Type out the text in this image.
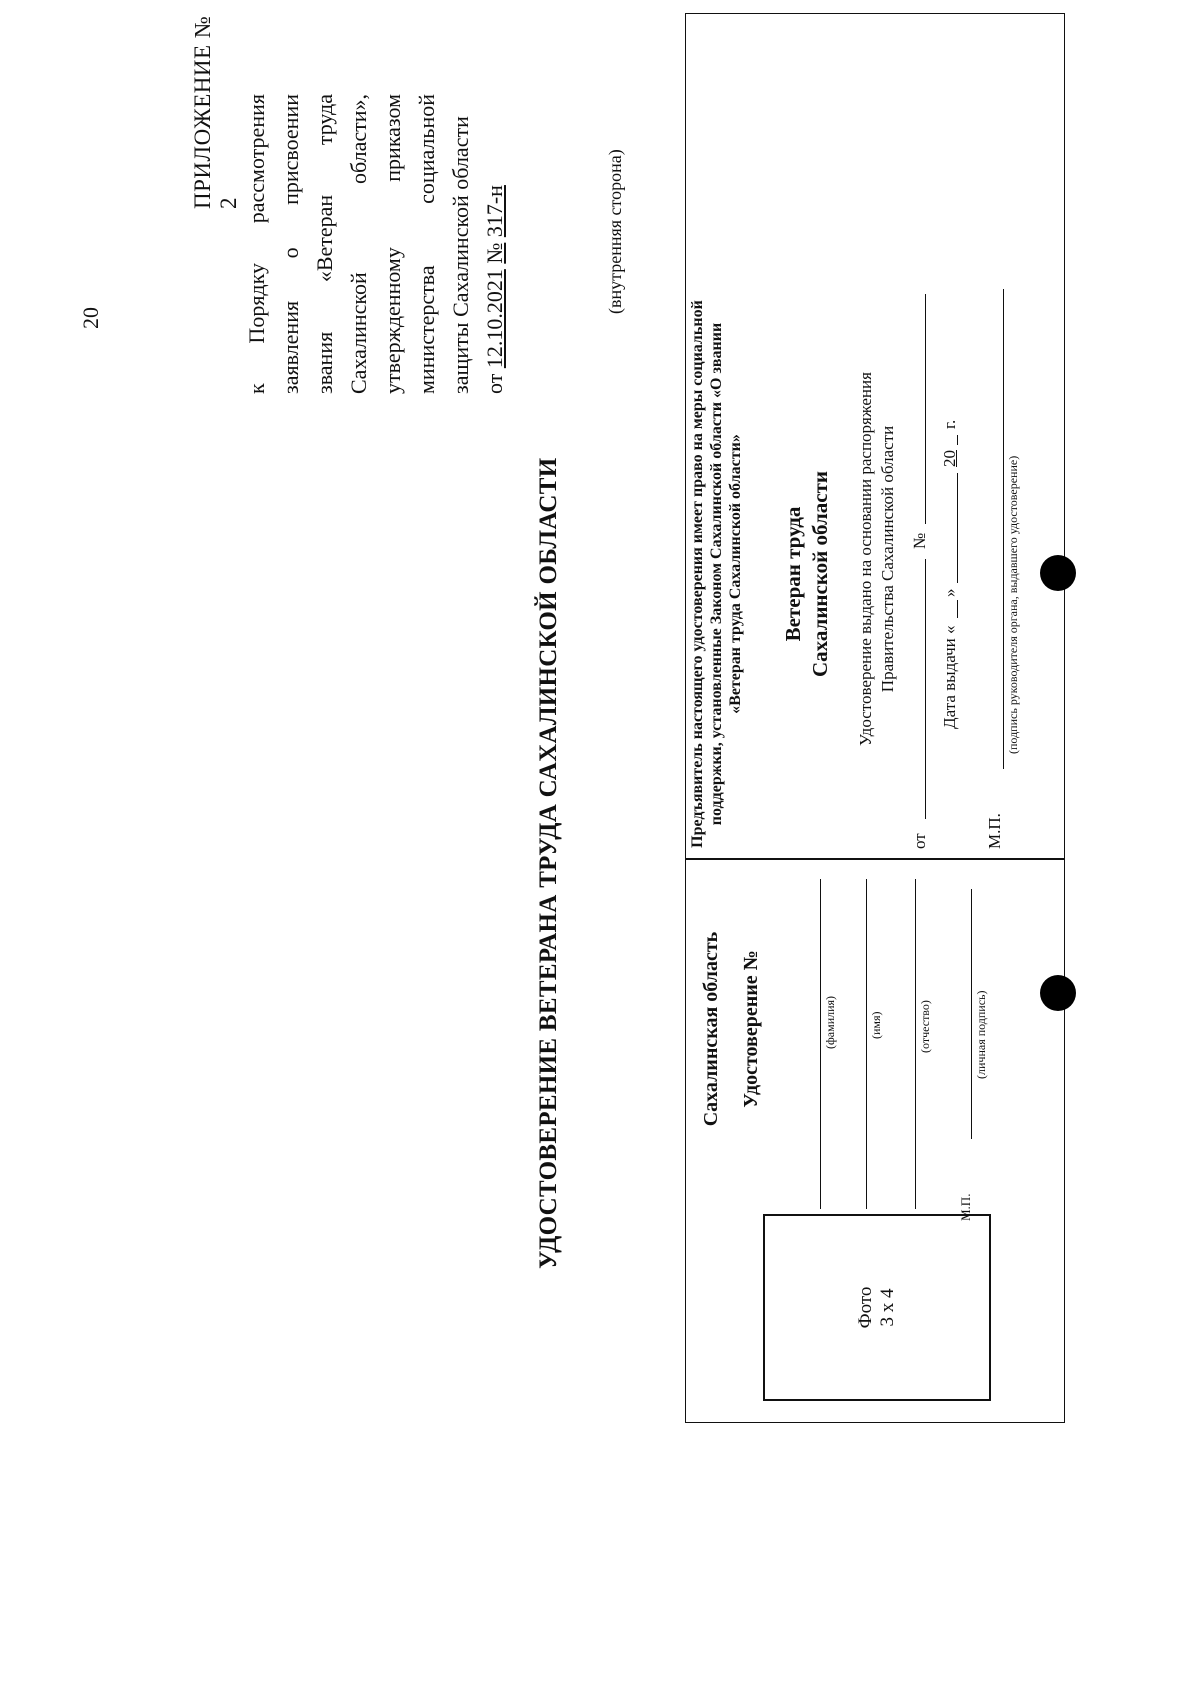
20
ПРИЛОЖЕНИЕ № 2 к Порядку рассмотрения заявления о присвоении звания «Ветеран труда Сахалинской области», утвержденному приказом министерства социальной защиты Сахалинской области от 12.10.2021 № 317-н
УДОСТОВЕРЕНИЕ ВЕТЕРАНА ТРУДА САХАЛИНСКОЙ ОБЛАСТИ
(внутренняя сторона)
Фото 3 х 4
Сахалинская область Удостоверение №	(фамилия)	(имя)	(отчество)
М.П.
(личная подпись)
Предъявитель настоящего удостоверения имеет право на меры социальной поддержки, установленные Законом Сахалинской области «О звании «Ветеран труда Сахалинской области» Ветеран труда Сахалинской области Удостоверение выдано на основании распоряжения Правительства Сахалинской области
от
№
Дата выдачи «
»
20
г.
М.П.
(подпись руководителя органа, выдавшего удостоверение)
